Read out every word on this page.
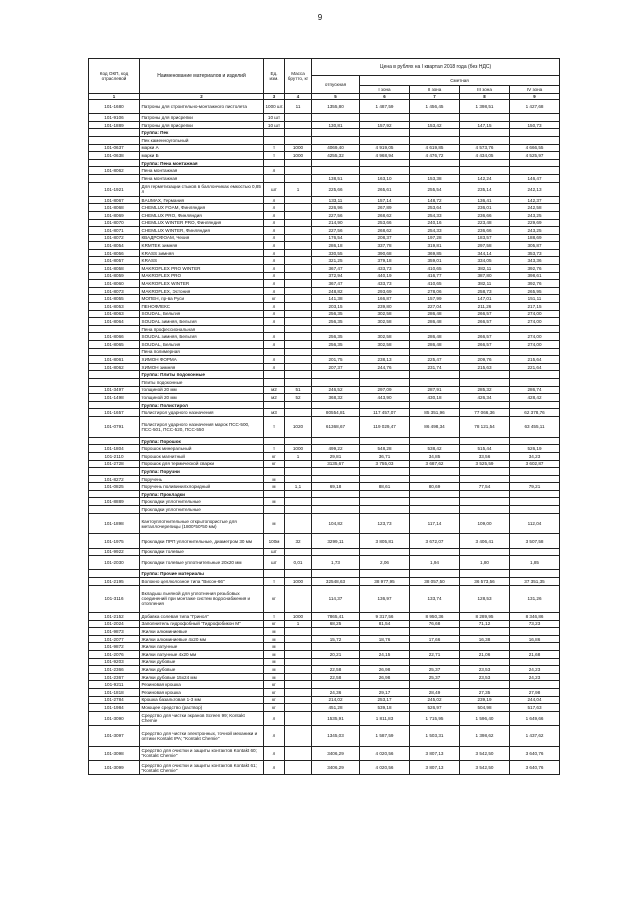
9
Код ОКП, код отраслевой	Наименование материалов и изделий	Ед. изм.	Масса брутто, кг	Цена в рублях на I квартал 2018 года (без НДС)				
				отпускная	Сметная			
					I зона	II зона	III зона	IV зона
1	2	3	4	5	6	7	8	9
101-1680	Патроны для строительно-монтажного пистолета	1000 шт.	11	1355,80	1 487,59	1 456,45	1 398,51	1 427,68
101-9106	Патроны для присрепки	10 шт						
101-1889	Патроны для присрепки	10 шт		130,81	157,92	153,42	147,15	150,73
	Группа: Пек							
	Пек каменноугольный							
101-0637	марки А	т	1000	4069,40	4 919,05	4 619,85	4 573,76	4 666,55
101-0638	марки Б	т	1000	4255,32	4 968,94	4 476,72	4 434,05	4 525,97
	Группа: Пена монтажная							
101-8062	Пена монтажная	л						
	Пена монтажная			138,51	163,10	153,38	142,24	146,47
101-1921	Для герметизации стыков в баллончиках емкостью 0,85 л	шт	1	225,66	265,61	255,54	235,14	242,13
101-8067	BAUMAX, Германия	л		133,11	157,14	148,72	136,41	142,37
101-8068	CHEMLUX FOAM, Финляндия	л		226,96	267,89	253,64	236,01	242,58
101-8069	CHEMLUX PRO, Финляндия	л		227,56	268,62	254,33	236,66	243,25
101-8070	CHEMLUX WINTER PRO, Финляндия	л		214,90	253,66	240,16	223,48	229,69
101-8071	CHEMLUX WINTER, Финляндия	л		227,56	268,62	254,33	236,66	243,25
101-8072	КВАДРОФОАМ, Чехия	л		176,54	208,37	197,28	183,57	188,69
101-8054	KRMTEK зимняя	л		286,18	337,78	319,81	297,58	305,87
101-8056	KRASS зимняя	л		330,55	390,68	369,85	344,14	353,73
101-8057	KRASS	л		321,25	379,18	359,01	334,05	343,36
101-8058	MAKROFLEX PRO WINTER	л		367,47	433,73	410,65	382,11	392,76
101-8059	MAKROFLEX PRO	л		372,94	440,19	416,77	387,80	398,61
101-8060	MAKROFLEX WINTER	л		367,47	433,73	410,65	382,11	392,76
101-8073	MAKROFLEX, Эстония	л		248,82	293,69	278,06	258,73	265,95
101-8055	MOПEH, пр-ва Руси	кг		141,38	166,87	157,99	147,01	151,11
101-8053	ПЕНОФЛЕКС	л		203,15	239,80	227,04	211,26	217,15
101-8063	SOUDAL, Бельгия	л		256,35	302,58	286,48	266,57	274,00
101-8064	SOUDAL зимняя, Бельгия	л		256,35	302,58	286,48	266,57	274,00
	Пена профессиональная							
101-8066	SOUDAL зимняя, Бельгия	л		256,35	302,58	286,48	266,57	274,00
101-8065	SOUDAL, Бельгия	л		256,35	302,58	286,48	266,57	274,00
	Пена полимерная							
101-8061	ХИМОН ФОРМА	л		201,75	238,13	225,47	209,76	215,64
101-8062	ХИМОН зимняя	л		207,37	244,76	231,74	215,63	221,64
	Группа: Плиты подоконные							
	Плиты подоконные							
101-3497	толщиной 20 мм	м2	51	246,52	297,09	287,91	285,32	286,74
101-1498	толщиной 20 мм	м2	52	368,32	443,90	430,18	426,34	428,42
	Группа: Полистирол							
101-1657	Полистирол ударного назначения	м3		80554,81	117 457,07	85 351,96	77 066,36	62 378,76
101-0791	Полистирол ударного назначения марок ПСС-500, ПСС-501, ПСС-520, ПСС-550	т	1020	61368,67	119 029,47	86 498,34	78 121,54	63 455,11
	Группа: Порошок							
101-1804	Порошок минеральный	т	1000	499,22	548,28	538,42	515,44	526,19
101-2110	Порошок магнитный	кг	1	29,81	36,71	34,85	33,56	34,23
101-2728	Порошок для термической сварки	кг		3135,67	3 755,03	3 687,62	3 525,59	3 602,87
	Группа: Поручни							
101-8272	Поручень	м						
101-0825	Поручень поливинилхлоридный	м	1,1	69,18	88,61	80,69	77,54	79,21
	Группа: Прокладки							
101-8889	Прокладки уплотнительные	м						
	Прокладки уплотнительные							
101-1898	Кантоуплотнительные открытопористые для металлочерепицы (1800*50*50 мм)	м		104,82	123,73	117,14	109,00	112,04
101-1975	Прокладки ПРП уплотнительные, диаметром 30 мм	100м	32	3299,11	3 805,81	3 672,07	3 406,41	3 507,58
101-9922	Прокладки толевые	шт						
101-2030	Прокладки толевые уплотнительные 20х20 мм	шт	0,01	1,73	2,06	1,94	1,80	1,85
	Группа: Прочие материалы							
101-2195	Волокно целлюлозное типа "Висон-66"	т	1000	32548,63	38 977,95	38 057,50	36 573,56	37 351,35
101-3116	Вкладыш льняной для уплотнения резьбовых соединений при монтаже систем водоснабжения и отопления	кг		114,37	136,97	133,74	128,53	131,26
101-2152	Добавка солевая типа "Гринол"	т	1000	7865,41	9 317,56	8 950,36	8 289,95	8 346,86
101-2024	Заполнитель гидрофобный "Гидрофобикон М"	кг	1	68,25	81,54	76,68	71,12	73,23
101-9873	Жилки алюминиевые	м						
101-2077	Жилки алюминиевые 4х20 мм	м		15,72	18,76	17,66	16,38	16,86
101-9872	Жилки латунные	м						
101-2076	Жилки латунные 4х20 мм	м		20,21	24,15	22,71	21,06	21,68
101-9203	Жилки дубовые	м						
101-2366	Жилки дубовые	м		22,58	26,98	25,37	23,53	24,23
101-2367	Жилки дубовые 15х24 мм	м		22,58	26,98	25,37	23,53	24,23
101-9211	Резиновая крошка	кг						
101-1818	Резиновая крошка	кг		24,36	29,17	28,49	27,35	27,98
101-2784	Крошка базальтовая 1-3 мм	кг		214,02	253,17	245,02	239,19	244,04
101-1984	Моющее средство (раствор)	кг		451,28	539,18	526,97	504,98	517,63
101-3090	Средство для чистки экранов Screen 99; Kontakt Chemie	л		1535,91	1 811,83	1 715,95	1 596,40	1 649,66
101-3097	Средство для чистки электронных, точной механики и оптики Kontakt IPA; "Kontakt Chemie"	л		1345,03	1 587,59	1 503,31	1 398,62	1 437,62
101-3098	Средство для очистки и защиты контактов Kontakt 60; "Kontakt Chemie"	л		3406,29	4 020,56	3 807,13	3 542,50	3 640,76
101-3099	Средство для очистки и защиты контактов Kontakt 61; "Kontakt Chemie"	л		3406,29	4 020,56	3 807,13	3 542,50	3 640,76
